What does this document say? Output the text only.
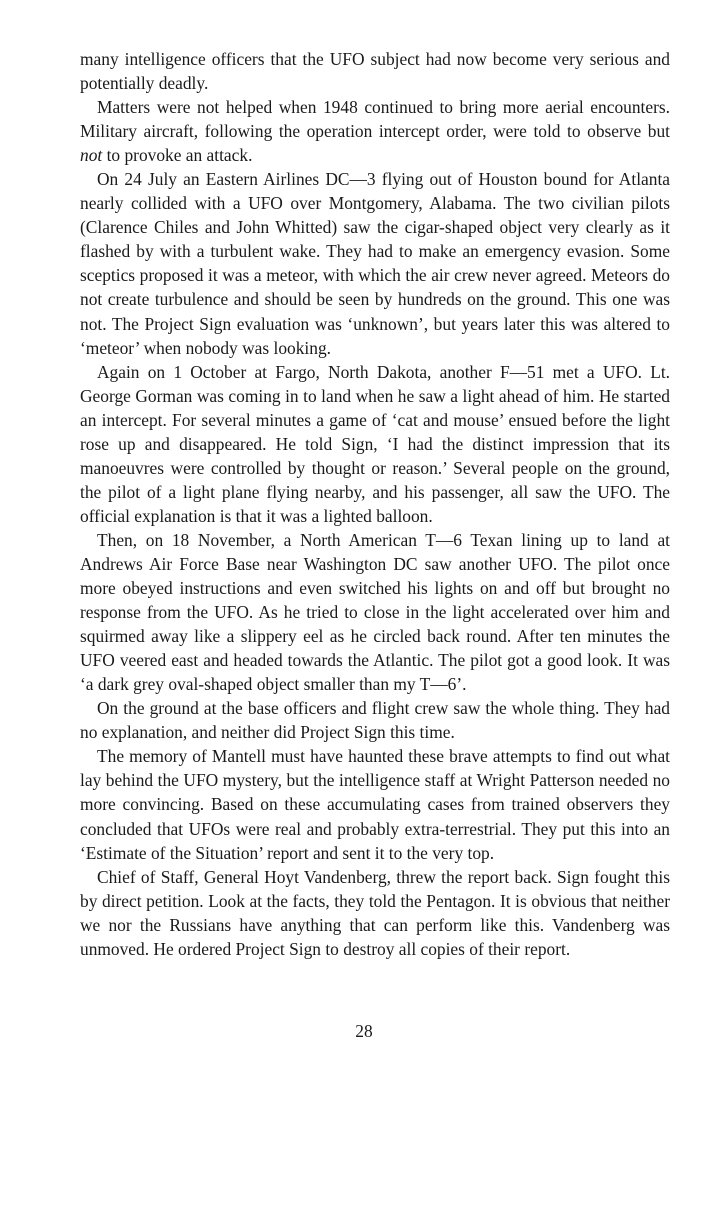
many intelligence officers that the UFO subject had now become very serious and potentially deadly.

Matters were not helped when 1948 continued to bring more aerial encounters. Military aircraft, following the operation intercept order, were told to observe but not to provoke an attack.

On 24 July an Eastern Airlines DC—3 flying out of Houston bound for Atlanta nearly collided with a UFO over Montgomery, Alabama. The two civilian pilots (Clarence Chiles and John Whitted) saw the cigar-shaped object very clearly as it flashed by with a turbulent wake. They had to make an emergency evasion. Some sceptics proposed it was a meteor, with which the air crew never agreed. Meteors do not create turbulence and should be seen by hundreds on the ground. This one was not. The Project Sign evaluation was ‘unknown’, but years later this was altered to ‘meteor’ when nobody was looking.

Again on 1 October at Fargo, North Dakota, another F—51 met a UFO. Lt. George Gorman was coming in to land when he saw a light ahead of him. He started an intercept. For several minutes a game of ‘cat and mouse’ ensued before the light rose up and disappeared. He told Sign, ‘I had the distinct impression that its manoeuvres were controlled by thought or reason.’ Several people on the ground, the pilot of a light plane flying nearby, and his passenger, all saw the UFO. The official explanation is that it was a lighted balloon.

Then, on 18 November, a North American T—6 Texan lining up to land at Andrews Air Force Base near Washington DC saw another UFO. The pilot once more obeyed instructions and even switched his lights on and off but brought no response from the UFO. As he tried to close in the light accelerated over him and squirmed away like a slippery eel as he circled back round. After ten minutes the UFO veered east and headed towards the Atlantic. The pilot got a good look. It was ‘a dark grey oval-shaped object smaller than my T—6’.

On the ground at the base officers and flight crew saw the whole thing. They had no explanation, and neither did Project Sign this time.

The memory of Mantell must have haunted these brave attempts to find out what lay behind the UFO mystery, but the intelligence staff at Wright Patterson needed no more convincing. Based on these accumulating cases from trained observers they concluded that UFOs were real and probably extra-terrestrial. They put this into an ‘Estimate of the Situation’ report and sent it to the very top.

Chief of Staff, General Hoyt Vandenberg, threw the report back. Sign fought this by direct petition. Look at the facts, they told the Pentagon. It is obvious that neither we nor the Russians have anything that can perform like this. Vandenberg was unmoved. He ordered Project Sign to destroy all copies of their report.

28
